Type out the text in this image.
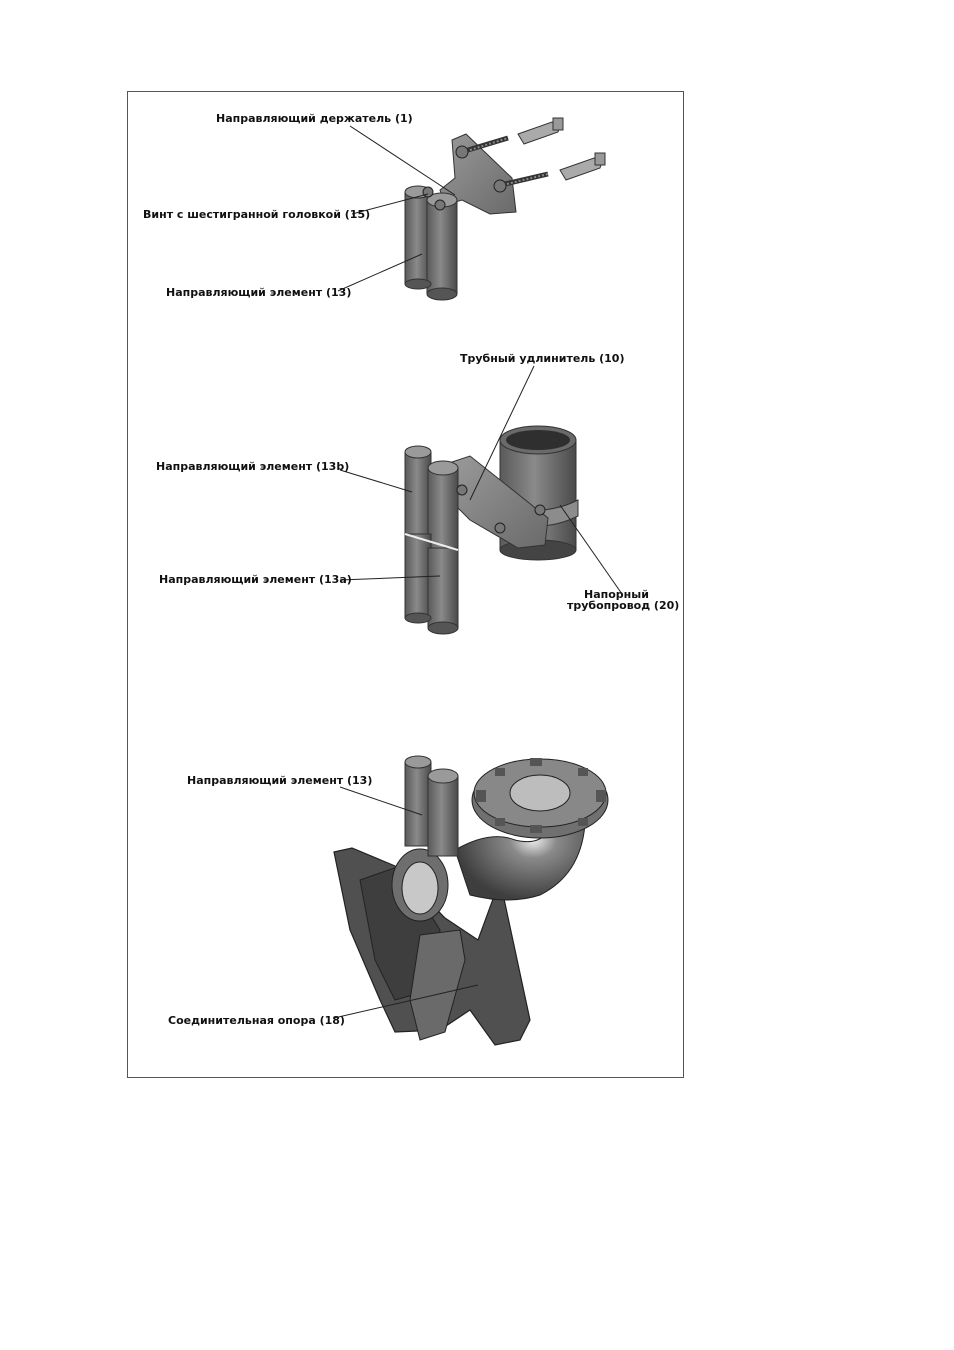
Направляющий держатель (1)
Винт с шестигранной головкой (15)
Направляющий элемент (13)
Трубный удлинитель (10)
Направляющий элемент (13b)
Направляющий элемент (13a)
Напорный
трубопровод (20)
Направляющий элемент (13)
Соединительная опора (18)
